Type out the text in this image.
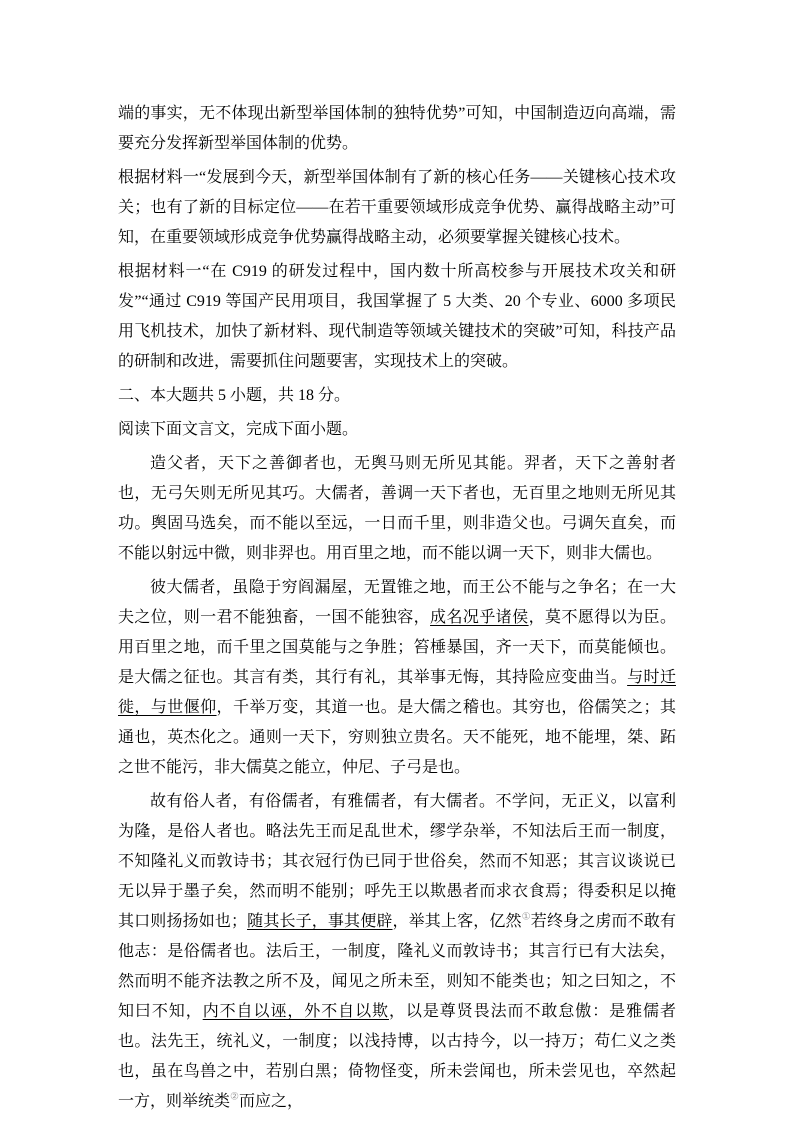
端的事实，无不体现出新型举国体制的独特优势”可知，中国制造迈向高端，需要充分发挥新型举国体制的优势。

根据材料一“发展到今天，新型举国体制有了新的核心任务——关键核心技术攻关；也有了新的目标定位——在若干重要领域形成竞争优势、赢得战略主动”可知，在重要领域形成竞争优势赢得战略主动，必须要掌握关键核心技术。

根据材料一“在 C919 的研发过程中，国内数十所高校参与开展技术攻关和研发”“通过 C919 等国产民用项目，我国掌握了 5 大类、20 个专业、6000 多项民用飞机技术，加快了新材料、现代制造等领域关键技术的突破”可知，科技产品的研制和改进，需要抓住问题要害，实现技术上的突破。

二、本大题共 5 小题，共 18 分。

阅读下面文言文，完成下面小题。

造父者，天下之善御者也，无舆马则无所见其能。羿者，天下之善射者也，无弓矢则无所见其巧。大儒者，善调一天下者也，无百里之地则无所见其功。舆固马选矣，而不能以至远，一日而千里，则非造父也。弓调矢直矣，而不能以射远中微，则非羿也。用百里之地，而不能以调一天下，则非大儒也。

彼大儒者，虽隐于穷阎漏屋，无置锥之地，而王公不能与之争名；在一大夫之位，则一君不能独畜，一国不能独容，成名况乎诸侯，莫不愿得以为臣。用百里之地，而千里之国莫能与之争胜；笞棰暴国，齐一天下，而莫能倾也。是大儒之征也。其言有类，其行有礼，其举事无悔，其持险应变曲当。与时迁徙，与世偃仰，千举万变，其道一也。是大儒之稽也。其穷也，俗儒笑之；其通也，英杰化之。通则一天下，穷则独立贵名。天不能死，地不能埋，桀、跖之世不能污，非大儒莫之能立，仲尼、子弓是也。

故有俗人者，有俗儒者，有雅儒者，有大儒者。不学问，无正义，以富利为隆，是俗人者也。略法先王而足乱世术，缪学杂举，不知法后王而一制度，不知隆礼义而敦诗书；其衣冠行伪已同于世俗矣，然而不知恶；其言议谈说已无以异于墨子矣，然而明不能别；呼先王以欺愚者而求衣食焉；得委积足以掩其口则扬扬如也；随其长子，事其便辟，举其上客，亿然①若终身之虏而不敢有他志：是俗儒者也。法后王，一制度，隆礼义而敦诗书；其言行已有大法矣，然而明不能齐法教之所不及，闻见之所未至，则知不能类也；知之曰知之，不知曰不知，内不自以诬，外不自以欺，以是尊贤畏法而不敢怠傲：是雅儒者也。法先王，统礼义，一制度；以浅持博，以古持今，以一持万；苟仁义之类也，虽在鸟兽之中，若别白黑；倚物怪变，所未尝闻也，所未尝见也，卒然起一方，则举统类②而应之，
